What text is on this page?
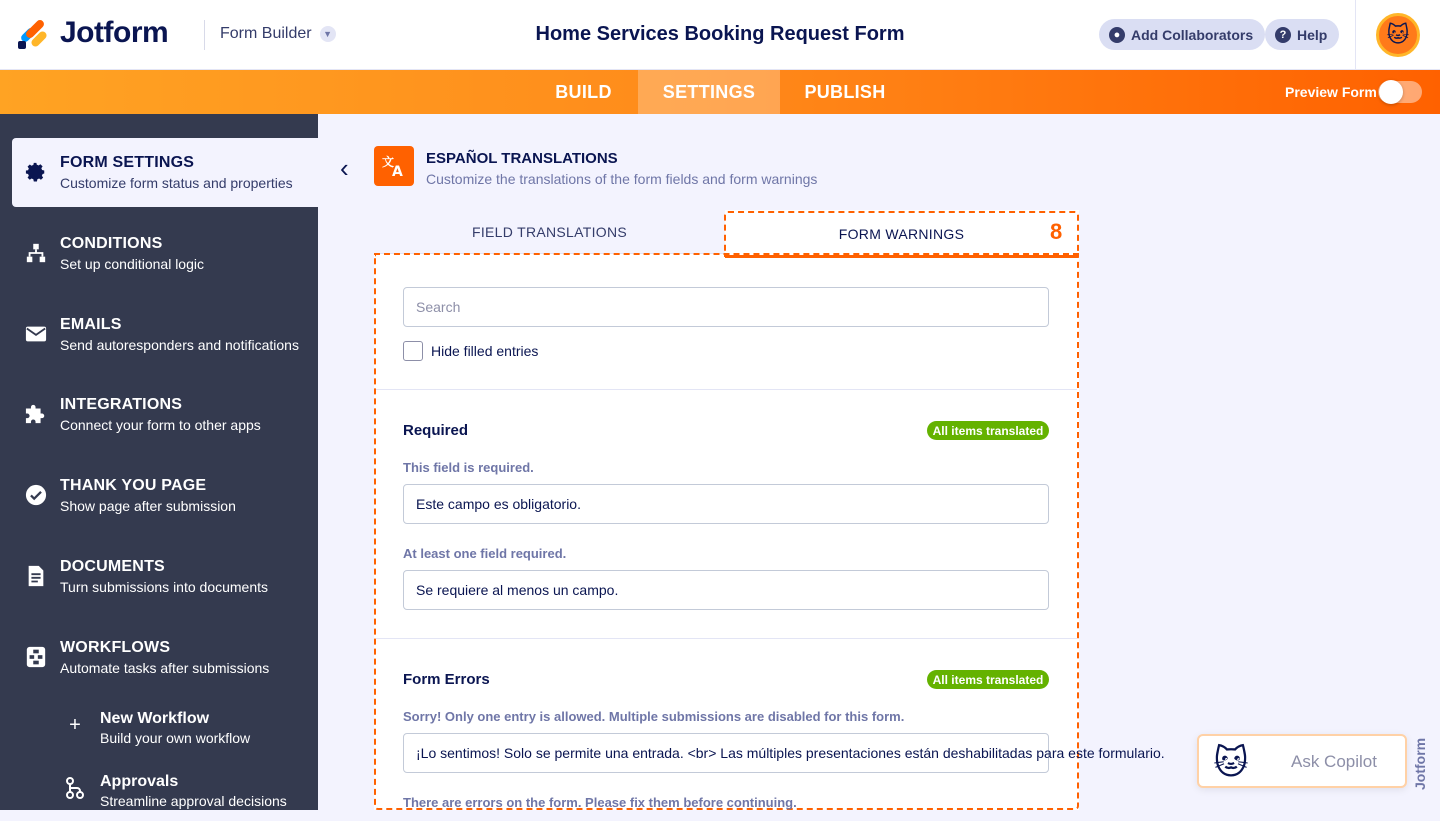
Jotform	Form Builder	▼	Home Services Booking Request Form	● Add Collaborators	? Help	🐱
BUILD	SETTINGS	PUBLISH	Preview Form
FORM SETTINGS
Customize form status and properties
CONDITIONS
Set up conditional logic
EMAILS
Send autoresponders and notifications
INTEGRATIONS
Connect your form to other apps
THANK YOU PAGE
Show page after submission
DOCUMENTS
Turn submissions into documents
WORKFLOWS
Automate tasks after submissions
+	New Workflow
Build your own workflow
Approvals
Streamline approval decisions
‹	文
A
ESPAÑOL TRANSLATIONS
Customize the translations of the form fields and form warnings
FIELD TRANSLATIONS	FORM WARNINGS	8
Search
Hide filled entries
Required	All items translated
This field is required.
Este campo es obligatorio.
At least one field required.
Se requiere al menos un campo.
Form Errors	All items translated
Sorry! Only one entry is allowed. Multiple submissions are disabled for this form.
¡Lo sentimos! Solo se permite una entrada. <br> Las múltiples presentaciones están deshabilitadas para este formulario.
There are errors on the form. Please fix them before continuing.
🐱	Ask Copilot	Jotform
